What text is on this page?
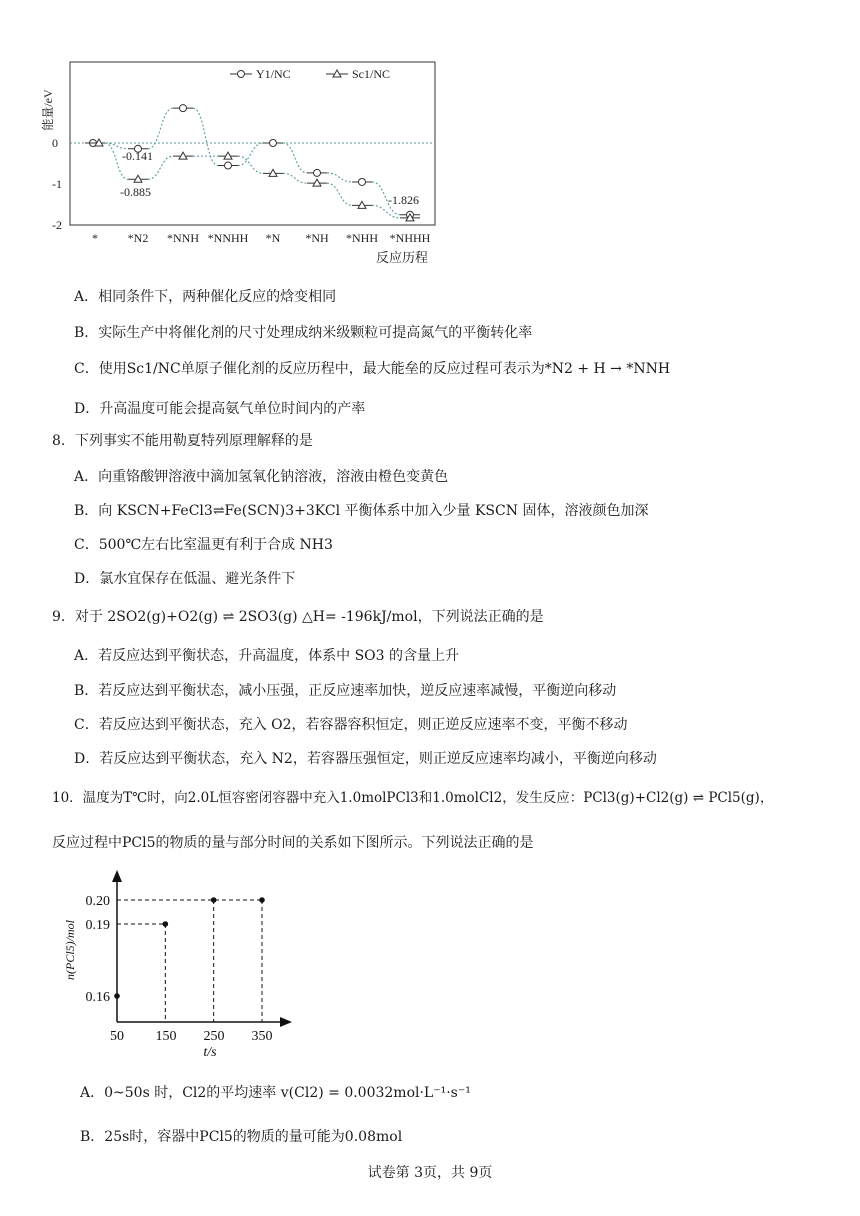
0
-1
-2
能量/eV
* *N2 *NNH *NNHH *N *NH *NHH *NHHH
反应历程
Y1/NC	Sc1/NC
-0.141
-0.885
-1.826
A．相同条件下，两种催化反应的焓变相同
B．实际生产中将催化剂的尺寸处理成纳米级颗粒可提高氮气的平衡转化率
C．使用Sc1/NC单原子催化剂的反应历程中，最大能垒的反应过程可表示为*N2 + H → *NNH
D．升高温度可能会提高氨气单位时间内的产率
8．下列事实不能用勒夏特列原理解释的是
A．向重铬酸钾溶液中滴加氢氧化钠溶液，溶液由橙色变黄色
B．向 KSCN+FeCl3⇌Fe(SCN)3+3KCl 平衡体系中加入少量 KSCN 固体，溶液颜色加深
C．500℃左右比室温更有利于合成 NH3
D．氯水宜保存在低温、避光条件下
9．对于 2SO2(g)+O2(g) ⇌ 2SO3(g) △H= -196kJ/mol，下列说法正确的是
A．若反应达到平衡状态，升高温度，体系中 SO3 的含量上升
B．若反应达到平衡状态，减小压强，正反应速率加快，逆反应速率减慢，平衡逆向移动
C．若反应达到平衡状态，充入 O2，若容器容积恒定，则正逆反应速率不变，平衡不移动
D．若反应达到平衡状态，充入 N2，若容器压强恒定，则正逆反应速率均减小，平衡逆向移动
10．温度为T℃时，向2.0L恒容密闭容器中充入1.0molPCl3和1.0molCl2，发生反应：PCl3(g)+Cl2(g) ⇌ PCl5(g)，
反应过程中PCl5的物质的量与部分时间的关系如下图所示。下列说法正确的是
0.20
0.19
0.16
n(PCl5)/mol
50 150 250 350
t/s
A．0~50s 时，Cl2的平均速率 v(Cl2) = 0.0032mol·L⁻¹·s⁻¹
B．25s时，容器中PCl5的物质的量可能为0.08mol
试卷第 3页，共 9页
